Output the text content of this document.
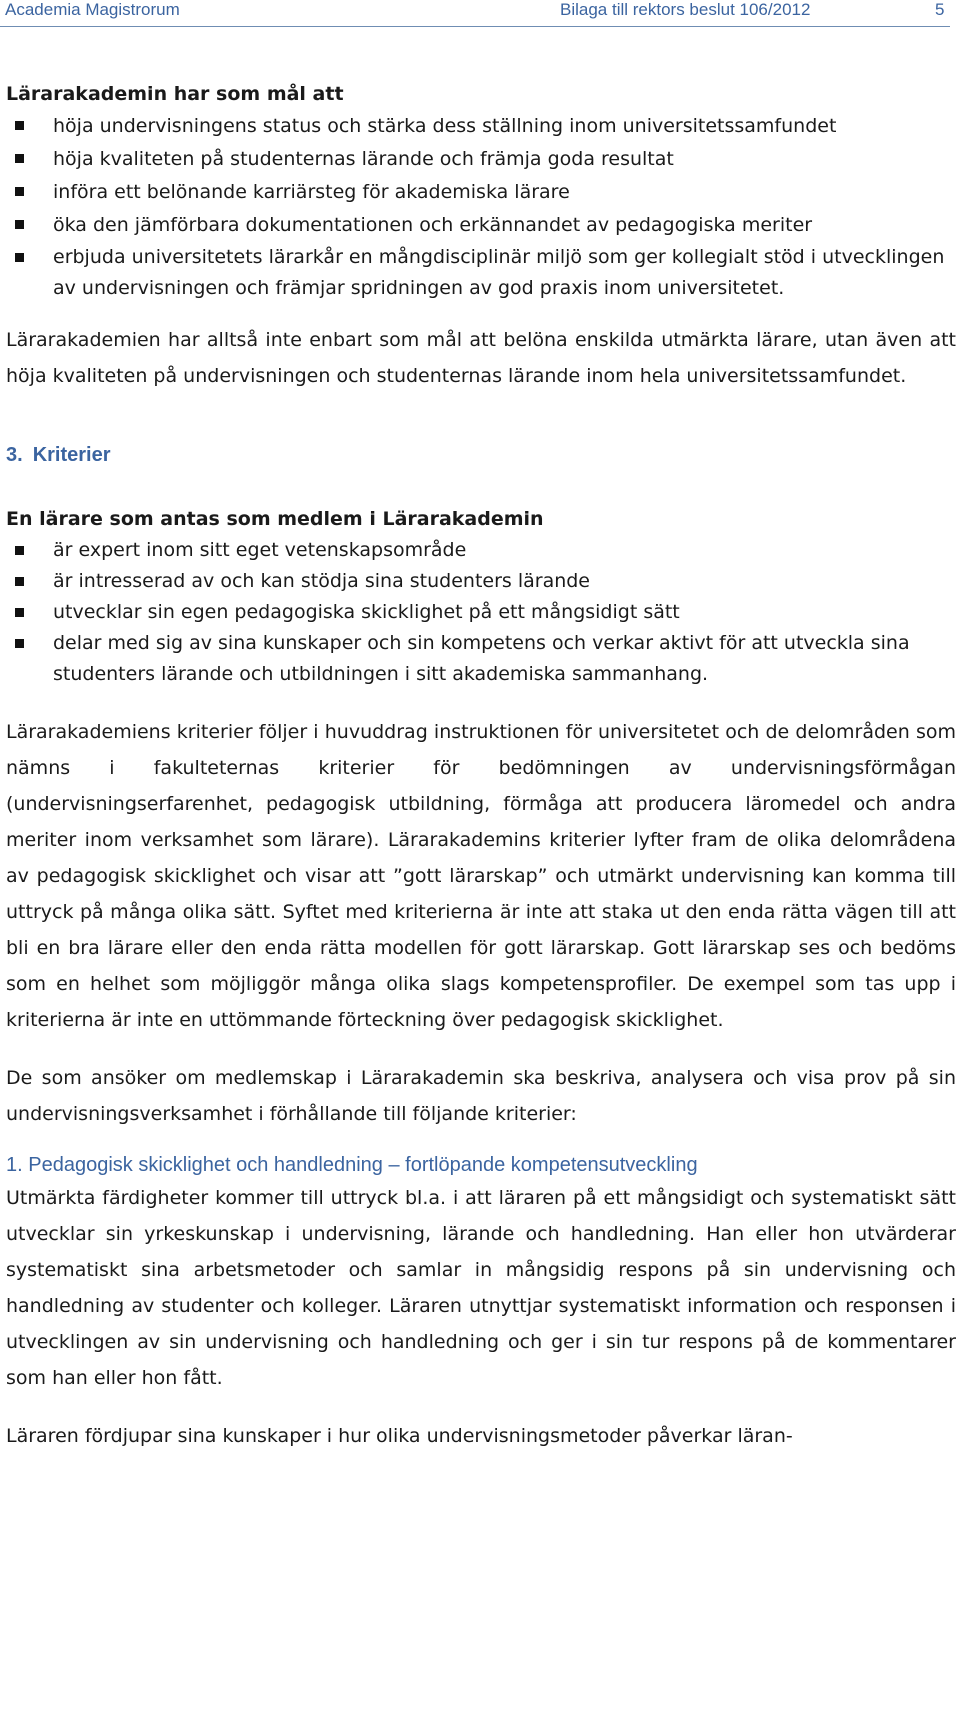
Academia Magistrorum	Bilaga till rektors beslut 106/2012	5

Lärarakademin har som mål att

höja undervisningens status och stärka dess ställning inom universitetssamfundet
höja kvaliteten på studenternas lärande och främja goda resultat
införa ett belönande karriärsteg för akademiska lärare
öka den jämförbara dokumentationen och erkännandet av pedagogiska meriter
erbjuda universitetets lärarkår en mångdisciplinär miljö som ger kollegialt stöd i utvecklingen av undervisningen och främjar spridningen av god praxis inom universitetet.

Lärarakademien har alltså inte enbart som mål att belöna enskilda utmärkta lärare, utan även att höja kvaliteten på undervisningen och studenternas lärande inom hela universitetssamfundet.

3. Kriterier

En lärare som antas som medlem i Lärarakademin

är expert inom sitt eget vetenskapsområde
är intresserad av och kan stödja sina studenters lärande
utvecklar sin egen pedagogiska skicklighet på ett mångsidigt sätt
delar med sig av sina kunskaper och sin kompetens och verkar aktivt för att utveckla sina studenters lärande och utbildningen i sitt akademiska sammanhang.

Lärarakademiens kriterier följer i huvuddrag instruktionen för universitetet och de delområden som nämns i fakulteternas kriterier för bedömningen av undervisningsförmågan (undervisningserfarenhet, pedagogisk utbildning, förmåga att producera läromedel och andra meriter inom verksamhet som lärare). Lärarakademins kriterier lyfter fram de olika delområdena av pedagogisk skicklighet och visar att ”gott lärarskap” och utmärkt undervisning kan komma till uttryck på många olika sätt. Syftet med kriterierna är inte att staka ut den enda rätta vägen till att bli en bra lärare eller den enda rätta modellen för gott lärarskap. Gott lärarskap ses och bedöms som en helhet som möjliggör många olika slags kompetensprofiler. De exempel som tas upp i kriterierna är inte en uttömmande förteckning över pedagogisk skicklighet.

De som ansöker om medlemskap i Lärarakademin ska beskriva, analysera och visa prov på sin undervisningsverksamhet i förhållande till följande kriterier:

1. Pedagogisk skicklighet och handledning – fortlöpande kompetensutveckling

Utmärkta färdigheter kommer till uttryck bl.a. i att läraren på ett mångsidigt och systematiskt sätt utvecklar sin yrkeskunskap i undervisning, lärande och handledning. Han eller hon utvärderar systematiskt sina arbetsmetoder och samlar in mångsidig respons på sin undervisning och handledning av studenter och kolleger. Läraren utnyttjar systematiskt information och responsen i utvecklingen av sin undervisning och handledning och ger i sin tur respons på de kommentarer som han eller hon fått.

Läraren fördjupar sina kunskaper i hur olika undervisningsmetoder påverkar läran-
